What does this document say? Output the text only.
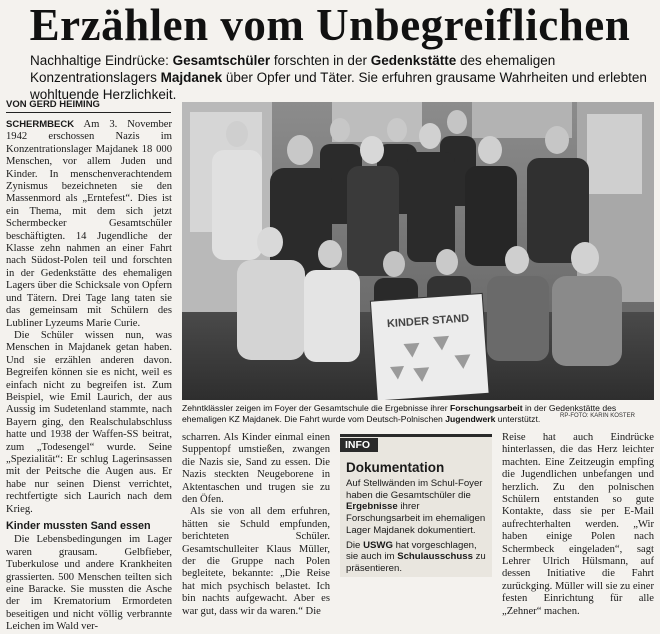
Erzählen vom Unbegreiflichen
Nachhaltige Eindrücke: Gesamtschüler forschten in der Gedenkstätte des ehemaligen Konzentrationslagers Majdanek über Opfer und Täter. Sie erfuhren grausame Wahrheiten und erlebten wohltuende Herzlichkeit.
VON GERD HEIMING

SCHERMBECK Am 3. November 1942 erschossen Nazis im Konzentrationslager Majdanek 18 000 Menschen, vor allem Juden und Kinder. In menschenverachtendem Zynismus bezeichneten sie den Massenmord als „Erntefest“. Dies ist ein Thema, mit dem sich jetzt Schermbecker Gesamtschüler beschäftigten. 14 Jugendliche der Klasse zehn nahmen an einer Fahrt nach Südost-Polen teil und forschten in der Gedenkstätte des ehemaligen Lagers über die Schicksale von Opfern und Tätern. Drei Tage lang taten sie das gemeinsam mit Schülern des Lubliner Lyzeums Marie Curie.

Die Schüler wissen nun, was Menschen in Majdanek getan haben. Und sie erzählen anderen davon. Begreifen können sie es nicht, weil es einfach nicht zu begreifen ist. Zum Beispiel, wie Emil Laurich, der aus Aussig im Sudetenland stammte, nach Bayern ging, den Realschulabschluss hatte und 1938 der Waffen-SS beitrat, zum „Todesengel“ wurde. Seine „Spezialität“: Er schlug Lagerinsassen mit der Peitsche die Augen aus. Er habe nur seinen Dienst verrichtet, rechtfertigte sich Laurich nach dem Krieg.

Kinder mussten Sand essen

Die Lebensbedingungen im Lager waren grausam. Gelbfieber, Tuberkulose und andere Krankheiten grassierten. 500 Menschen teilten sich eine Baracke. Sie mussten die Asche der im Krematorium Ermordeten beseitigen und nicht völlig verbrannte Leichen im Wald ver-

KINDER STAND
Zehntklässler zeigen im Foyer der Gesamtschule die Ergebnisse ihrer Forschungsarbeit in der Gedenkstätte des ehemaligen KZ Majdanek. Die Fahrt wurde vom Deutsch-Polnischen Jugendwerk unterstützt.	RP-FOTO: KARIN KOSTER

scharren. Als Kinder einmal einen Suppentopf umstießen, zwangen die Nazis sie, Sand zu essen. Die Nazis steckten Neugeborene in Aktentaschen und trugen sie zu den Öfen.

Als sie von all dem erfuhren, hätten sie Schuld empfunden, berichteten Schüler. Gesamtschulleiter Klaus Müller, der die Gruppe nach Polen begleitete, bekannte: „Die Reise hat mich psychisch belastet. Ich bin nachts aufgewacht. Aber es war gut, dass wir da waren.“ Die

INFO
Dokumentation

Auf Stellwänden im Schul-Foyer haben die Gesamtschüler die Ergebnisse ihrer Forschungsarbeit im ehemaligen Lager Majdanek dokumentiert.

Die USWG hat vorgeschlagen, sie auch im Schulausschuss zu präsentieren.

Reise hat auch Eindrücke hinterlassen, die das Herz leichter machten. Eine Zeitzeugin empfing die Jugendlichen unbefangen und herzlich. Zu den polnischen Schülern entstanden so gute Kontakte, dass sie per E-Mail aufrechterhalten werden. „Wir haben einige Polen nach Schermbeck eingeladen“, sagt Lehrer Ulrich Hülsmann, auf dessen Initiative die Fahrt zurückging. Müller will sie zu einer festen Einrichtung für alle „Zehner“ machen.
